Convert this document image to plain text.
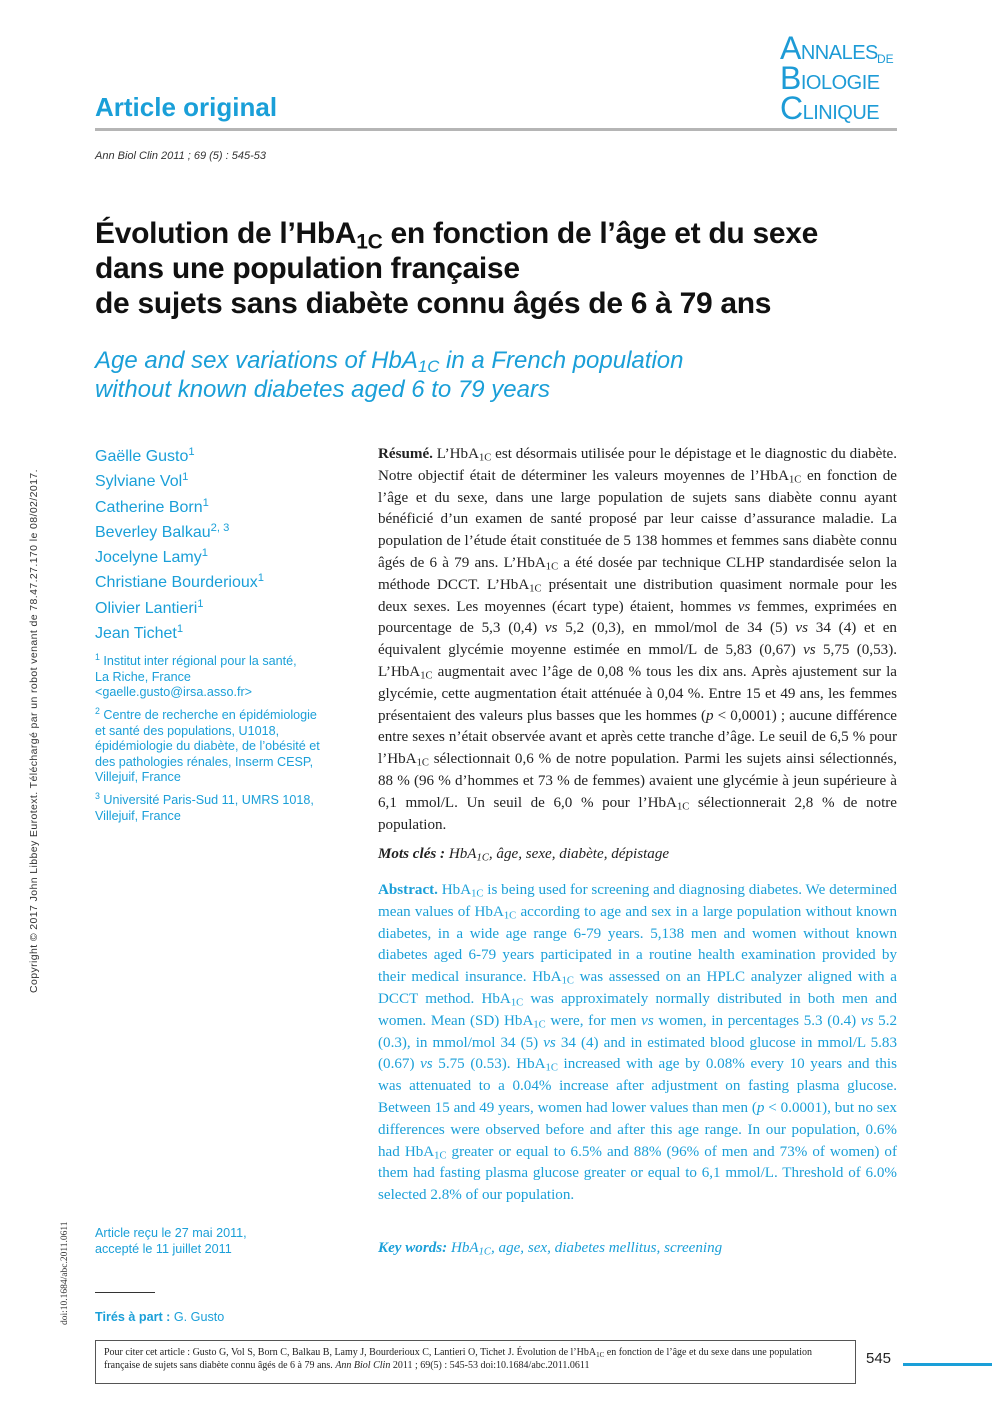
Article original
ANNALES DE
BIOLOGIE
CLINIQUE
Ann Biol Clin 2011 ; 69 (5) : 545-53
Évolution de l’HbA$_{1C}$ en fonction de l’âge et du sexe
dans une population française
de sujets sans diabète connu âgés de 6 à 79 ans
Age and sex variations of HbA$_{1C}$ in a French population
without known diabetes aged 6 to 79 years
Copyright © 2017 John Libbey Eurotext. Téléchargé par un robot venant de 78.47.27.170 le 08/02/2017.
doi:10.1684/abc.2011.0611
Gaëlle Gusto$^1$
Sylviane Vol$^1$
Catherine Born$^1$
Beverley Balkau$^{2, 3}$
Jocelyne Lamy$^1$
Christiane Bourderioux$^1$
Olivier Lantieri$^1$
Jean Tichet$^1$
$^1$ Institut inter régional pour la santé,
La Riche, France
<gaelle.gusto@irsa.asso.fr>
$^2$ Centre de recherche en épidémiologie
et santé des populations, U1018,
épidémiologie du diabète, de l’obésité et
des pathologies rénales, Inserm CESP,
Villejuif, France
$^3$ Université Paris-Sud 11, UMRS 1018,
Villejuif, France
Article reçu le 27 mai 2011,
accepté le 11 juillet 2011
Tirés à part : G. Gusto
Résumé. L’HbA$_{1C}$ est désormais utilisée pour le dépistage et le diagnostic du diabète. Notre objectif était de déterminer les valeurs moyennes de l’HbA$_{1C}$ en fonction de l’âge et du sexe, dans une large population de sujets sans diabète connu ayant bénéficié d’un examen de santé proposé par leur caisse d’assurance maladie. La population de l’étude était constituée de 5 138 hommes et femmes sans diabète connu âgés de 6 à 79 ans. L’HbA$_{1C}$ a été dosée par technique CLHP standardisée selon la méthode DCCT. L’HbA$_{1C}$ présentait une distribution quasiment normale pour les deux sexes. Les moyennes (écart type) étaient, hommes vs femmes, exprimées en pourcentage de 5,3 (0,4) vs 5,2 (0,3), en mmol/mol de 34 (5) vs 34 (4) et en équivalent glycémie moyenne estimée en mmol/L de 5,83 (0,67) vs 5,75 (0,53). L’HbA$_{1C}$ augmentait avec l’âge de 0,08 % tous les dix ans. Après ajustement sur la glycémie, cette augmentation était atténuée à 0,04 %. Entre 15 et 49 ans, les femmes présentaient des valeurs plus basses que les hommes (p < 0,0001) ; aucune différence entre sexes n’était observée avant et après cette tranche d’âge. Le seuil de 6,5 % pour l’HbA$_{1C}$ sélectionnait 0,6 % de notre population. Parmi les sujets ainsi sélectionnés, 88 % (96 % d’hommes et 73 % de femmes) avaient une glycémie à jeun supérieure à 6,1 mmol/L. Un seuil de 6,0 % pour l’HbA$_{1C}$ sélectionnerait 2,8 % de notre population.
Mots clés : HbA$_{1C}$, âge, sexe, diabète, dépistage
Abstract. HbA$_{1C}$ is being used for screening and diagnosing diabetes. We determined mean values of HbA$_{1C}$ according to age and sex in a large population without known diabetes, in a wide age range 6-79 years. 5,138 men and women without known diabetes aged 6-79 years participated in a routine health examination provided by their medical insurance. HbA$_{1C}$ was assessed on an HPLC analyzer aligned with a DCCT method. HbA$_{1C}$ was approximately normally distributed in both men and women. Mean (SD) HbA$_{1C}$ were, for men vs women, in percentages 5.3 (0.4) vs 5.2 (0.3), in mmol/mol 34 (5) vs 34 (4) and in estimated blood glucose in mmol/L 5.83 (0.67) vs 5.75 (0.53). HbA$_{1C}$ increased with age by 0.08% every 10 years and this was attenuated to a 0.04% increase after adjustment on fasting plasma glucose. Between 15 and 49 years, women had lower values than men (p < 0.0001), but no sex differences were observed before and after this age range. In our population, 0.6% had HbA$_{1C}$ greater or equal to 6.5% and 88% (96% of men and 73% of women) of them had fasting plasma glucose greater or equal to 6,1 mmol/L. Threshold of 6.0% selected 2.8% of our population.
Key words: HbA$_{1C}$, age, sex, diabetes mellitus, screening
Pour citer cet article : Gusto G, Vol S, Born C, Balkau B, Lamy J, Bourderioux C, Lantieri O, Tichet J. Évolution de l’HbA$_{1C}$ en fonction de l’âge et du sexe dans une population française de sujets sans diabète connu âgés de 6 à 79 ans. Ann Biol Clin 2011 ; 69(5) : 545-53 doi:10.1684/abc.2011.0611	545
